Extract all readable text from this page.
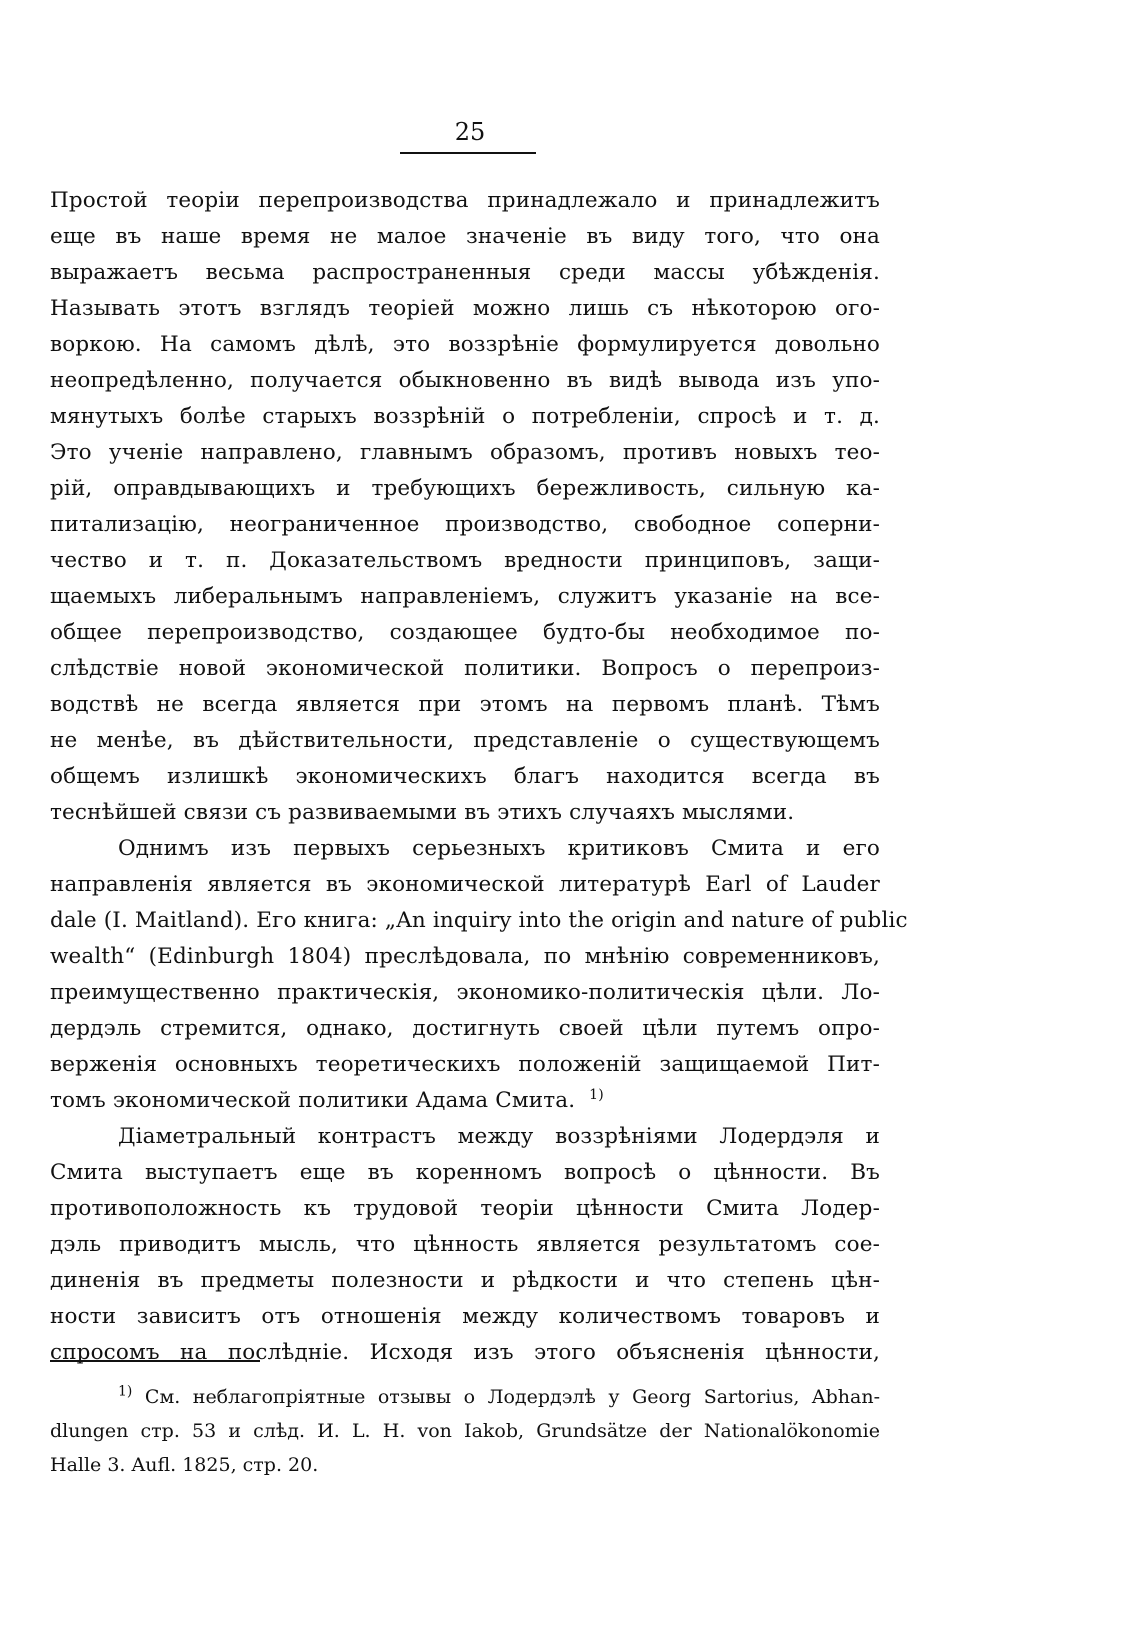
25
Простой теоріи перепроизводства принадлежало и принадлежитъ
еще въ наше время не малое значеніе въ виду того, что она
выражаетъ весьма распространенныя среди массы убѣжденія.
Называть этотъ взглядъ теоріей можно лишь съ нѣкоторою ого-
воркою. На самомъ дѣлѣ, это воззрѣніе формулируется довольно
неопредѣленно, получается обыкновенно въ видѣ вывода изъ упо-
мянутыхъ болѣе старыхъ воззрѣній о потребленіи, спросѣ и т. д.
Это ученіе направлено, главнымъ образомъ, противъ новыхъ тео-
рій, оправдывающихъ и требующихъ бережливость, сильную ка-
питализацію, неограниченное производство, свободное соперни-
чество и т. п. Доказательствомъ вредности принциповъ, защи-
щаемыхъ либеральнымъ направленіемъ, служитъ указаніе на все-
общее перепроизводство, создающее будто-бы необходимое по-
слѣдствіе новой экономической политики. Вопросъ о перепроиз-
водствѣ не всегда является при этомъ на первомъ планѣ. Тѣмъ
не менѣе, въ дѣйствительности, представленіе о существующемъ
общемъ излишкѣ экономическихъ благъ находится всегда въ
теснѣйшей связи съ развиваемыми въ этихъ случаяхъ мыслями.
Однимъ изъ первыхъ серьезныхъ критиковъ Смита и его
направленія является въ экономической литературѣ Earl of Lauder
dale (I. Maitland). Его книга: „An inquiry into the origin and nature of public
wealth“ (Edinburgh 1804) преслѣдовала, по мнѣнію современниковъ,
преимущественно практическія, экономико-политическія цѣли. Ло-
дердэль стремится, однако, достигнуть своей цѣли путемъ опро-
верженія основныхъ теоретическихъ положеній защищаемой Пит-
томъ экономической политики Адама Смита. $^{1)}$
Діаметральный контрастъ между воззрѣніями Лодердэля и
Смита выступаетъ еще въ коренномъ вопросѣ о цѣнности. Въ
противоположность къ трудовой теоріи цѣнности Смита Лодер-
дэль приводитъ мысль, что цѣнность является результатомъ сое-
диненія въ предметы полезности и рѣдкости и что степень цѣн-
ности зависитъ отъ отношенія между количествомъ товаровъ и
спросомъ на послѣдніе. Исходя изъ этого объясненія цѣнности,
$^{1)}$ См. неблагопріятные отзывы о Лодердэлѣ у Georg Sartorius, Abhan-
dlungen стр. 53 и слѣд. И. L. H. von Iakob, Grundsätze der Nationalökonomie
Halle 3. Aufl. 1825, стр. 20.
